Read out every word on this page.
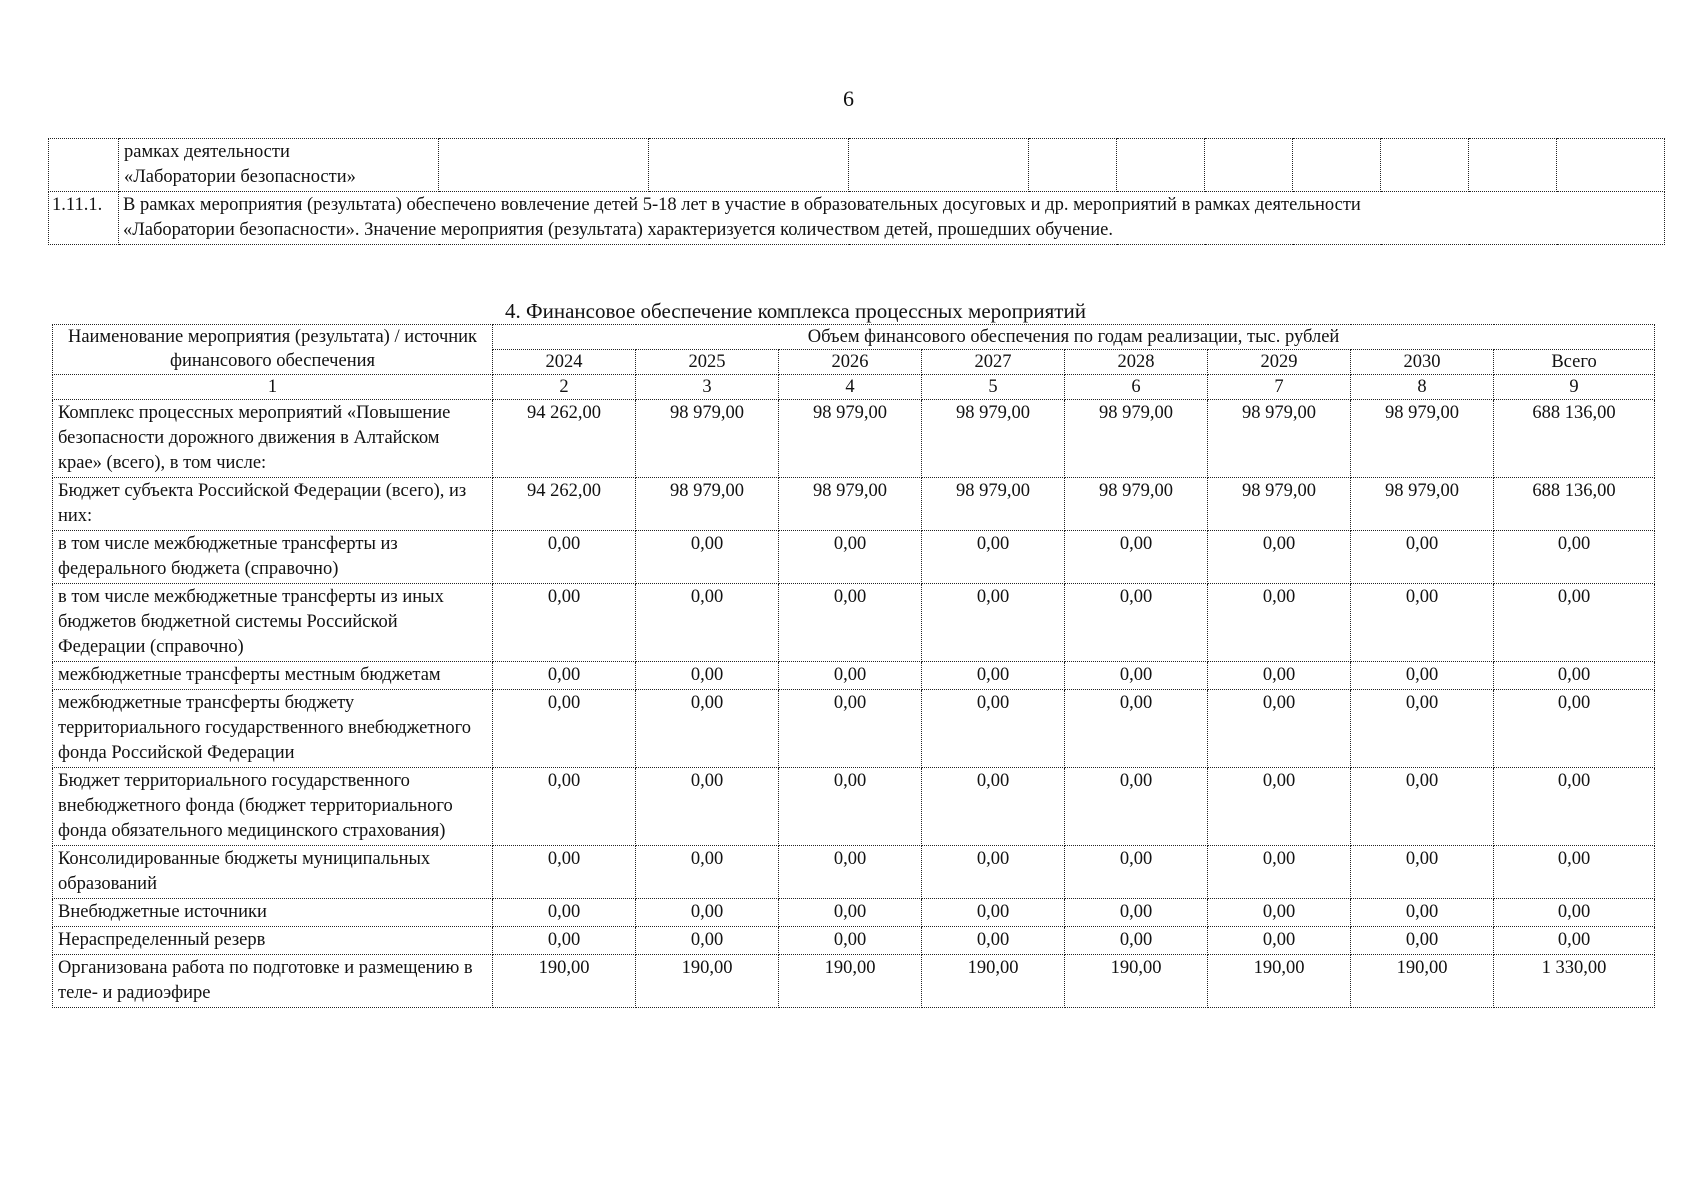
6

	рамках деятельности
«Лаборатории безопасности»										

1.11.1.	В рамках мероприятия (результата) обеспечено вовлечение детей 5-18 лет в участие в образовательных досуговых и др. мероприятий в рамках деятельности
«Лаборатории безопасности». Значение мероприятия (результата) характеризуется количеством детей, прошедших обучение.										
4. Финансовое обеспечение комплекса процессных мероприятий
Наименование мероприятия (результата) / источник финансового обеспечения	Объем финансового обеспечения по годам реализации, тыс. рублей							
	2024	2025	2026	2027	2028	2029	2030	Всего
1	2	3	4	5	6	7	8	9
Комплекс процессных мероприятий «Повышение безопасности дорожного движения в Алтайском крае» (всего), в том числе:	94 262,00	98 979,00	98 979,00	98 979,00	98 979,00	98 979,00	98 979,00	688 136,00
Бюджет субъекта Российской Федерации (всего), из них:	94 262,00	98 979,00	98 979,00	98 979,00	98 979,00	98 979,00	98 979,00	688 136,00
в том числе межбюджетные трансферты из федерального бюджета (справочно)	0,00	0,00	0,00	0,00	0,00	0,00	0,00	0,00
в том числе межбюджетные трансферты из иных бюджетов бюджетной системы Российской Федерации (справочно)	0,00	0,00	0,00	0,00	0,00	0,00	0,00	0,00
межбюджетные трансферты местным бюджетам	0,00	0,00	0,00	0,00	0,00	0,00	0,00	0,00
межбюджетные трансферты бюджету территориального государственного внебюджетного фонда Российской Федерации	0,00	0,00	0,00	0,00	0,00	0,00	0,00	0,00
Бюджет территориального государственного внебюджетного фонда (бюджет территориального фонда обязательного медицинского страхования)	0,00	0,00	0,00	0,00	0,00	0,00	0,00	0,00
Консолидированные бюджеты муниципальных образований	0,00	0,00	0,00	0,00	0,00	0,00	0,00	0,00
Внебюджетные источники	0,00	0,00	0,00	0,00	0,00	0,00	0,00	0,00
Нераспределенный резерв	0,00	0,00	0,00	0,00	0,00	0,00	0,00	0,00
Организована работа по подготовке и размещению в теле- и радиоэфире	190,00	190,00	190,00	190,00	190,00	190,00	190,00	1 330,00
